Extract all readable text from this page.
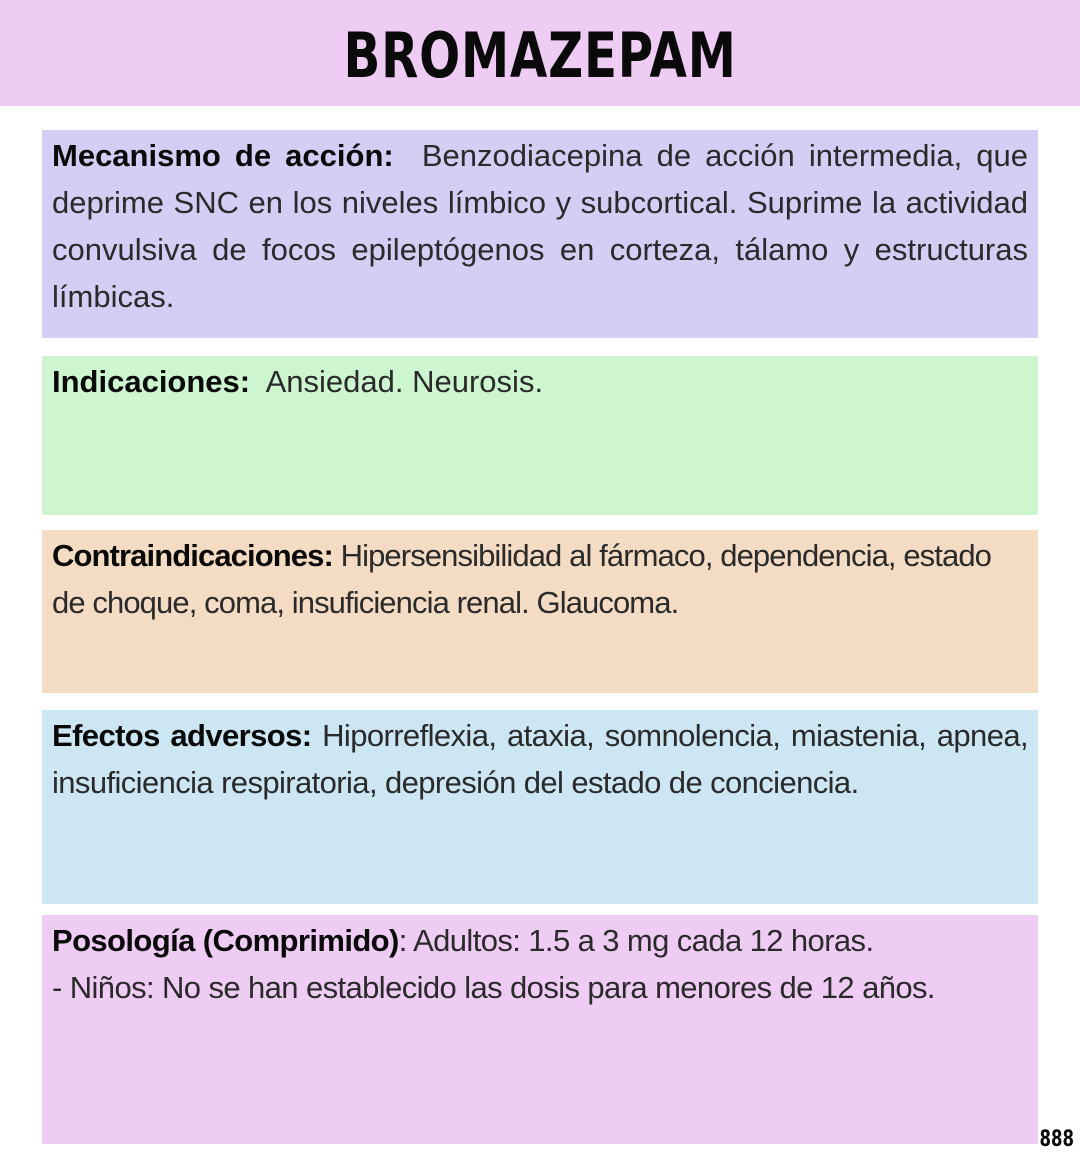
BROMAZEPAM

Mecanismo de acción:  Benzodiacepina de acción intermedia, que deprime SNC en los niveles límbico y subcortical. Suprime la actividad convulsiva de focos epileptógenos en corteza, tálamo y estructuras límbicas.

Indicaciones:  Ansiedad. Neurosis.

Contraindicaciones: Hipersensibilidad al fármaco, dependencia, estado de choque, coma, insuficiencia renal. Glaucoma.

Efectos adversos: Hiporreflexia, ataxia, somnolencia, miastenia, apnea, insuficiencia respiratoria, depresión del estado de conciencia.

Posología (Comprimido): Adultos: 1.5 a 3 mg cada 12 horas.

- Niños: No se han establecido las dosis para menores de 12 años.

888
